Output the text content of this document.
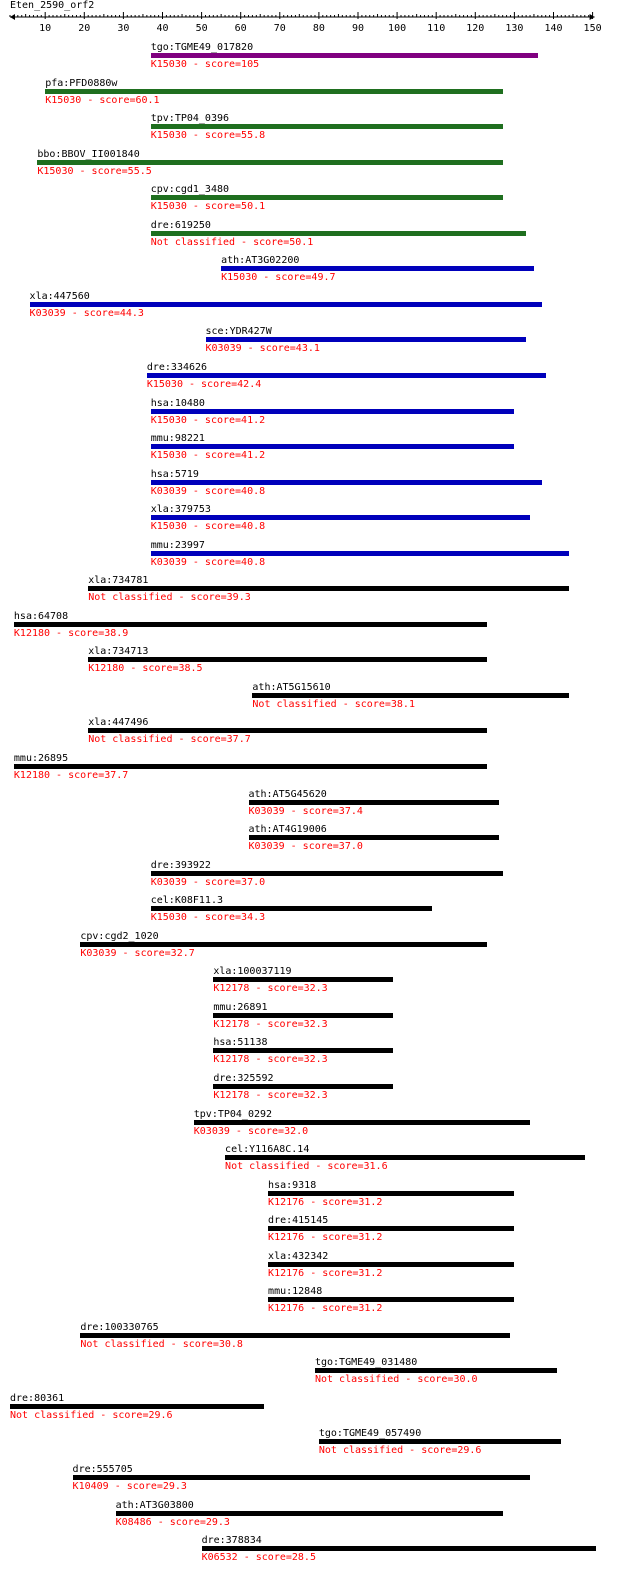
Eten_2590_orf2
10	20	30	40	50	60	70	80	90 100 110 120 130 140 150
tgo:TGME49_017820
K15030 - score=105
pfa:PFD0880w
K15030 - score=60.1
tpv:TP04_0396
K15030 - score=55.8
bbo:BBOV_II001840
K15030 - score=55.5
cpv:cgd1_3480
K15030 - score=50.1
dre:619250
Not classified - score=50.1
ath:AT3G02200
K15030 - score=49.7
xla:447560
K03039 - score=44.3
sce:YDR427W
K03039 - score=43.1
dre:334626
K15030 - score=42.4
hsa:10480
K15030 - score=41.2
mmu:98221
K15030 - score=41.2
hsa:5719
K03039 - score=40.8
xla:379753
K15030 - score=40.8
mmu:23997
K03039 - score=40.8
xla:734781
Not classified - score=39.3
hsa:64708
K12180 - score=38.9
xla:734713
K12180 - score=38.5
ath:AT5G15610
Not classified - score=38.1
xla:447496
Not classified - score=37.7
mmu:26895
K12180 - score=37.7
ath:AT5G45620
K03039 - score=37.4
ath:AT4G19006
K03039 - score=37.0
dre:393922
K03039 - score=37.0
cel:K08F11.3
K15030 - score=34.3
cpv:cgd2_1020
K03039 - score=32.7
xla:100037119
K12178 - score=32.3
mmu:26891
K12178 - score=32.3
hsa:51138
K12178 - score=32.3
dre:325592
K12178 - score=32.3
tpv:TP04_0292
K03039 - score=32.0
cel:Y116A8C.14
Not classified - score=31.6
hsa:9318
K12176 - score=31.2
dre:415145
K12176 - score=31.2
xla:432342
K12176 - score=31.2
mmu:12848
K12176 - score=31.2
dre:100330765
Not classified - score=30.8
tgo:TGME49_031480
Not classified - score=30.0
dre:80361
Not classified - score=29.6
tgo:TGME49_057490
Not classified - score=29.6
dre:555705
K10409 - score=29.3
ath:AT3G03800
K08486 - score=29.3
dre:378834
K06532 - score=28.5
